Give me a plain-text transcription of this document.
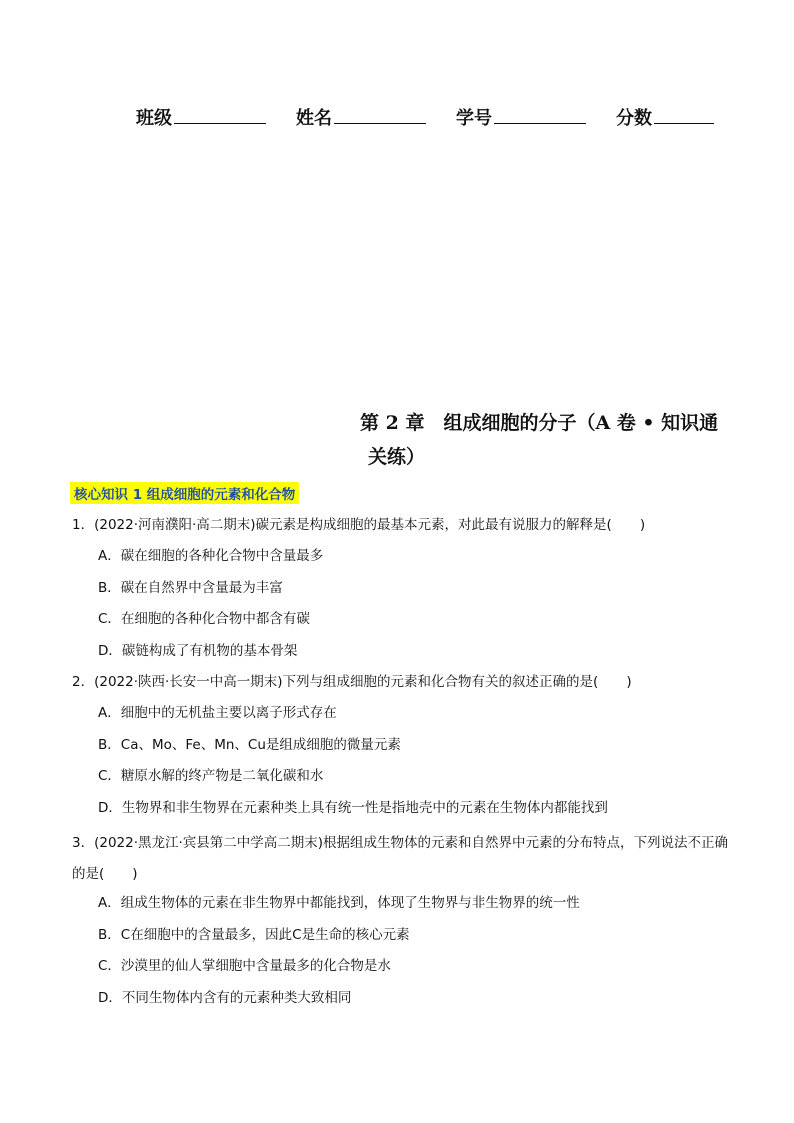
班级	姓名	学号	分数
第 2 章　组成细胞的分子（A 卷 • 知识通
关练）
核心知识 1 组成细胞的元素和化合物
1．(2022·河南濮阳·高二期末)碳元素是构成细胞的最基本元素，对此最有说服力的解释是( )
A．碳在细胞的各种化合物中含量最多
B．碳在自然界中含量最为丰富
C．在细胞的各种化合物中都含有碳
D．碳链构成了有机物的基本骨架
2．(2022·陕西·长安一中高一期末)下列与组成细胞的元素和化合物有关的叙述正确的是( )
A．细胞中的无机盐主要以离子形式存在
B．Ca、Mo、Fe、Mn、Cu是组成细胞的微量元素
C．糖原水解的终产物是二氧化碳和水
D．生物界和非生物界在元素种类上具有统一性是指地壳中的元素在生物体内都能找到
3．(2022·黑龙江·宾县第二中学高二期末)根据组成生物体的元素和自然界中元素的分布特点，下列说法不正确的是( )
A．组成生物体的元素在非生物界中都能找到，体现了生物界与非生物界的统一性
B．C在细胞中的含量最多，因此C是生命的核心元素
C．沙漠里的仙人掌细胞中含量最多的化合物是水
D．不同生物体内含有的元素种类大致相同
